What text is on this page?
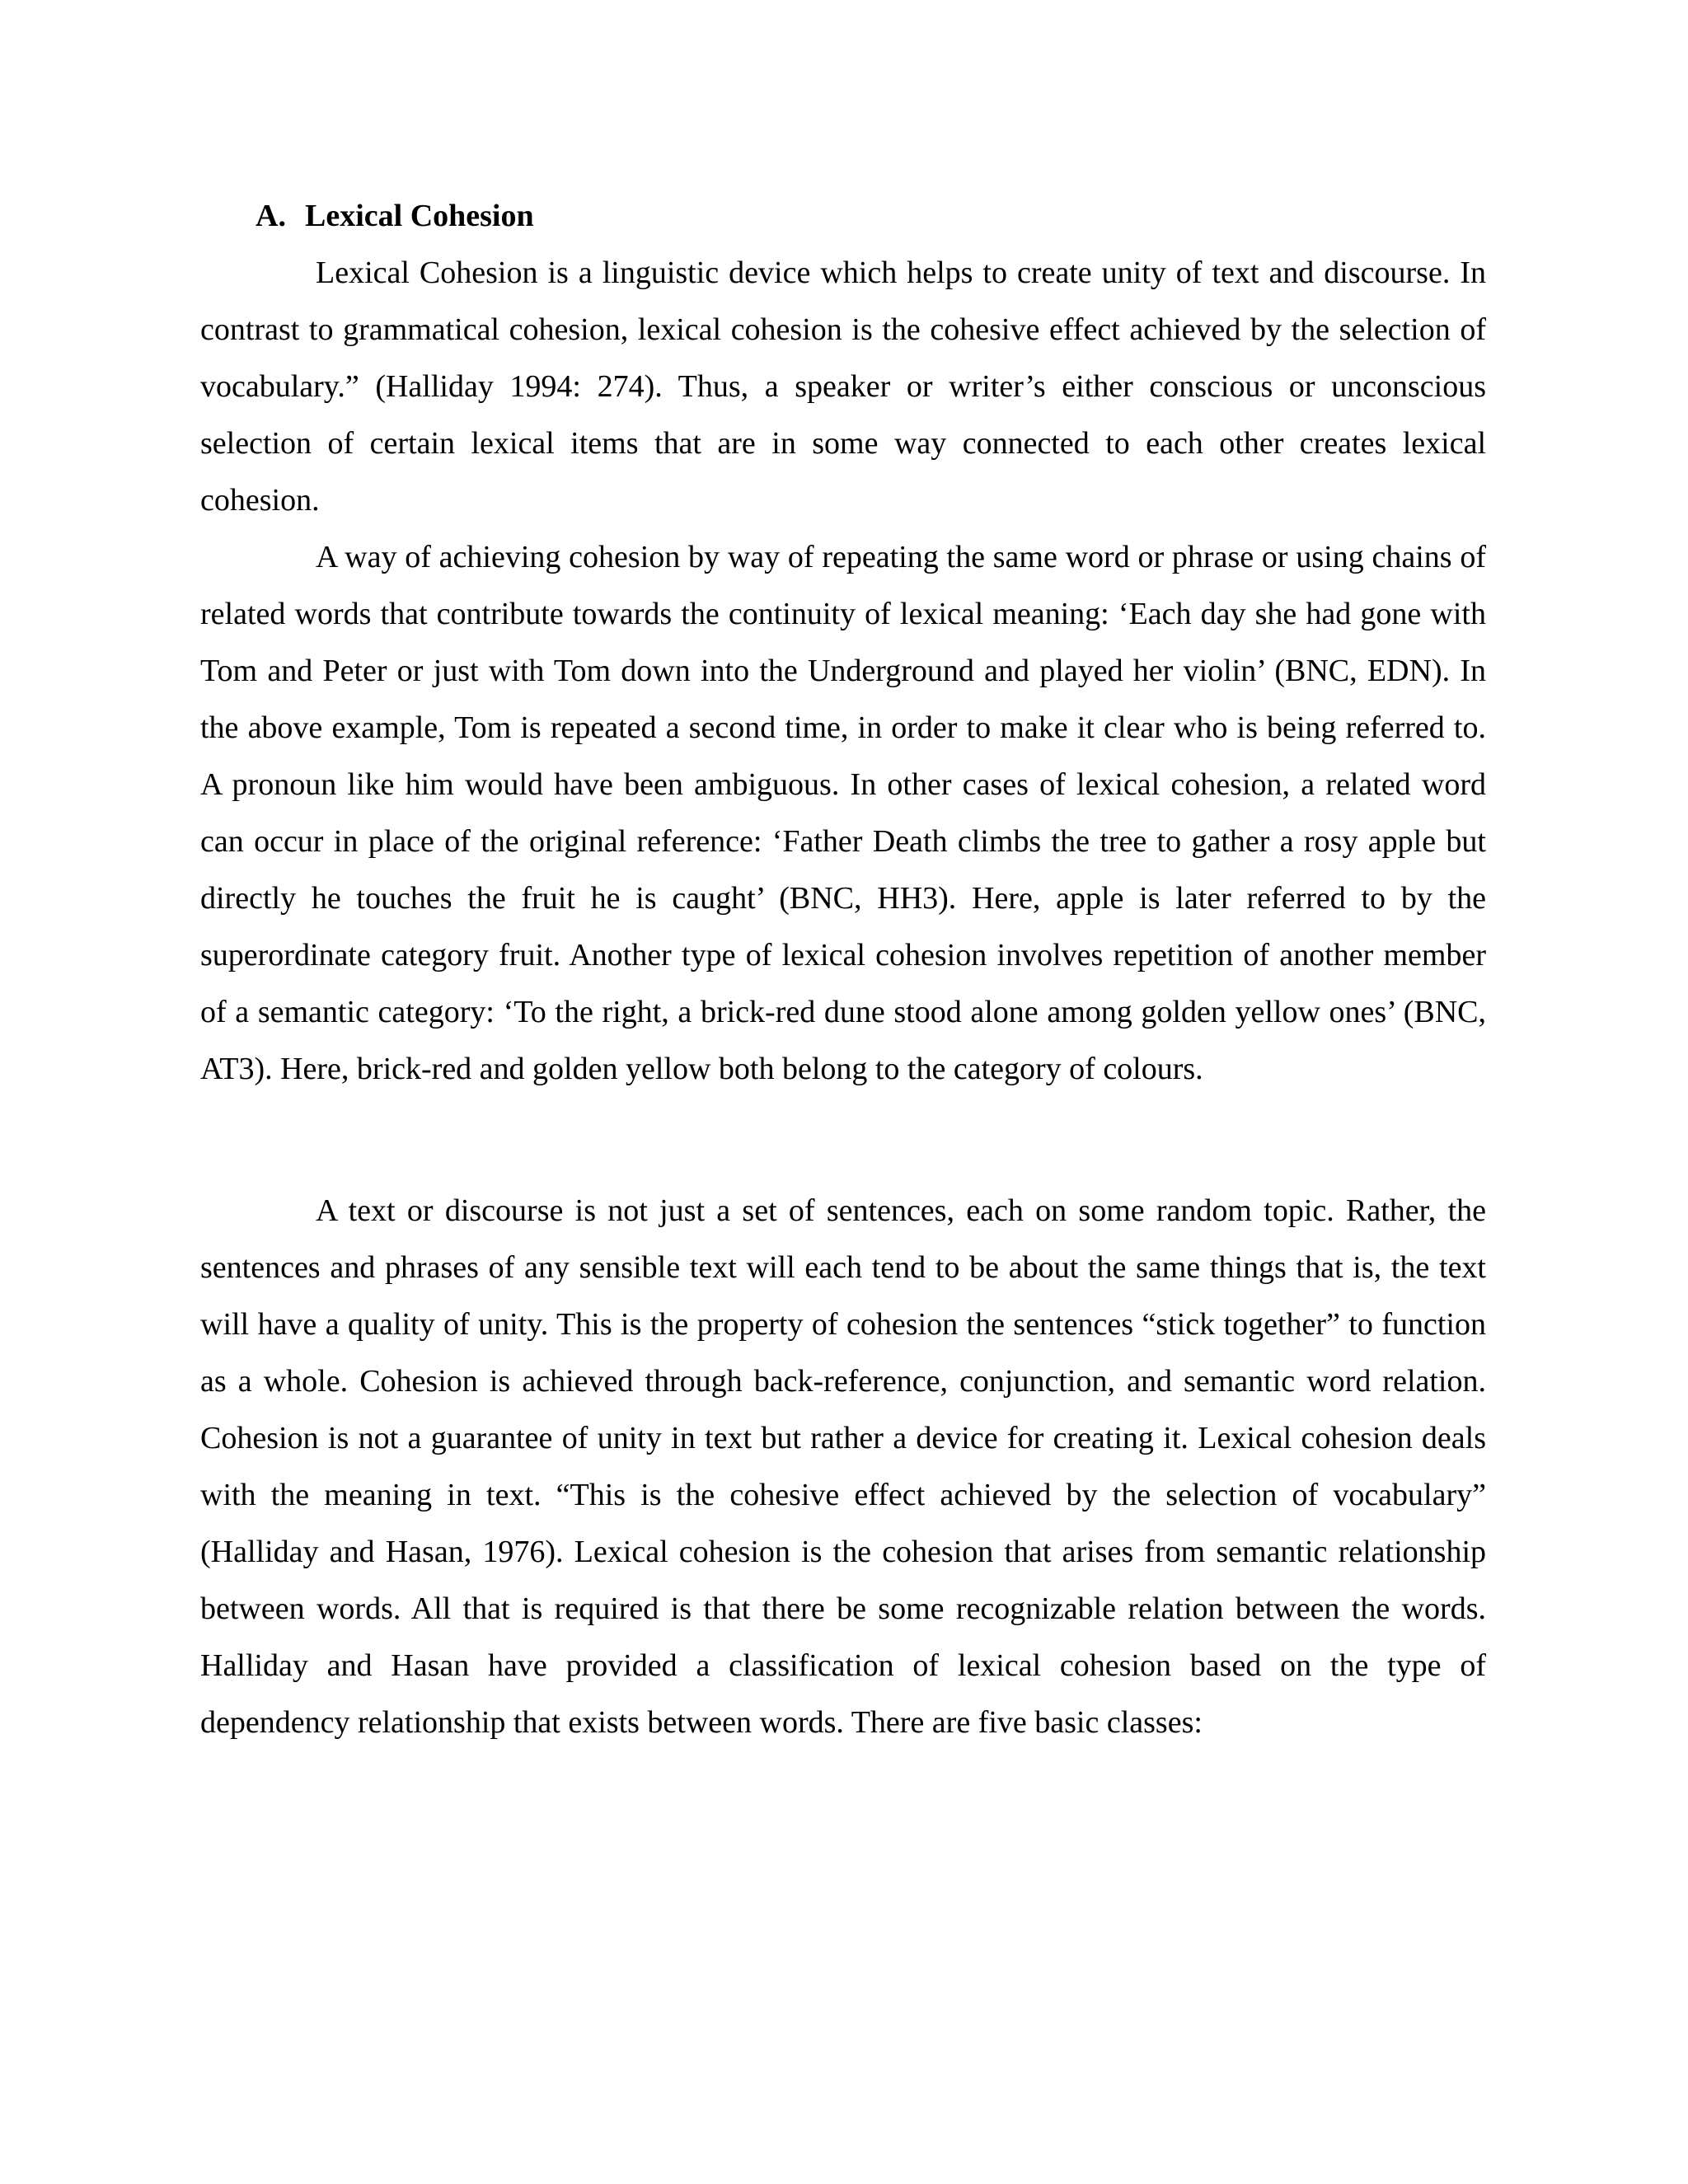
A. Lexical Cohesion

Lexical Cohesion is a linguistic device which helps to create unity of text and discourse. In contrast to grammatical cohesion, lexical cohesion is the cohesive effect achieved by the selection of vocabulary.” (Halliday 1994: 274). Thus, a speaker or writer’s either conscious or unconscious selection of certain lexical items that are in some way connected to each other creates lexical cohesion.

A way of achieving cohesion by way of repeating the same word or phrase or using chains of related words that contribute towards the continuity of lexical meaning: ‘Each day she had gone with Tom and Peter or just with Tom down into the Underground and played her violin’ (BNC, EDN). In the above example, Tom is repeated a second time, in order to make it clear who is being referred to. A pronoun like him would have been ambiguous. In other cases of lexical cohesion, a related word can occur in place of the original reference: ‘Father Death climbs the tree to gather a rosy apple but directly he touches the fruit he is caught’ (BNC, HH3). Here, apple is later referred to by the superordinate category fruit. Another type of lexical cohesion involves repetition of another member of a semantic category: ‘To the right, a brick-red dune stood alone among golden yellow ones’ (BNC, AT3). Here, brick-red and golden yellow both belong to the category of colours.

A text or discourse is not just a set of sentences, each on some random topic. Rather, the sentences and phrases of any sensible text will each tend to be about the same things that is, the text will have a quality of unity. This is the property of cohesion the sentences “stick together” to function as a whole. Cohesion is achieved through back-reference, conjunction, and semantic word relation. Cohesion is not a guarantee of unity in text but rather a device for creating it. Lexical cohesion deals with the meaning in text. “This is the cohesive effect achieved by the selection of vocabulary” (Halliday and Hasan, 1976). Lexical cohesion is the cohesion that arises from semantic relationship between words. All that is required is that there be some recognizable relation between the words. Halliday and Hasan have provided a classification of lexical cohesion based on the type of dependency relationship that exists between words. There are five basic classes:
